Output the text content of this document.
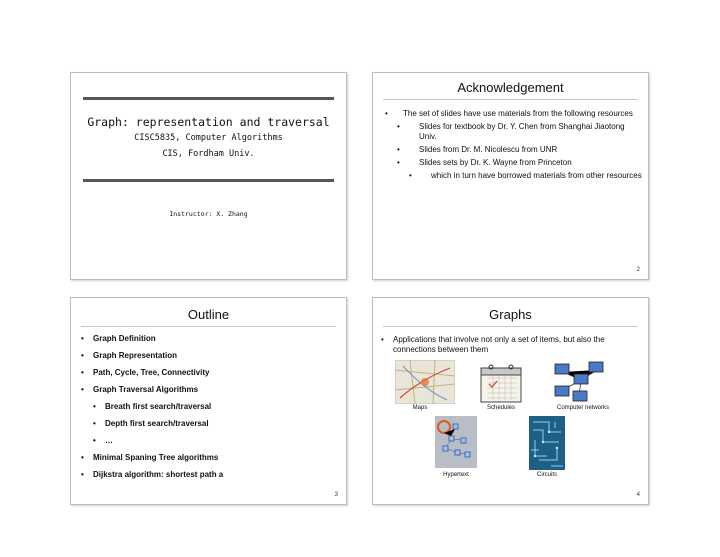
Graph: representation and traversal
CISC5835, Computer Algorithms
CIS, Fordham Univ.
Instructor: X. Zhang
Acknowledgement
• The set of slides have use materials from the following resources
• Slides for textbook by Dr. Y. Chen from Shanghai Jiaotong Univ.
• Slides from Dr. M. Nicolescu from UNR
• Slides sets by Dr. K. Wayne from Princeton
• which in turn have borrowed materials from other resources
2
Outline
• Graph Definition
• Graph Representation
• Path, Cycle, Tree, Connectivity
• Graph Traversal Algorithms
• Breath first search/traversal
• Depth first search/traversal
• …
• Minimal Spaning Tree algorithms
• Dijkstra algorithm: shortest path a
3
Graphs
• Applications that involve not only a set of items, but also the connections between them
Maps	Schedules	Computer networks
Hypertext	Circuits
4
